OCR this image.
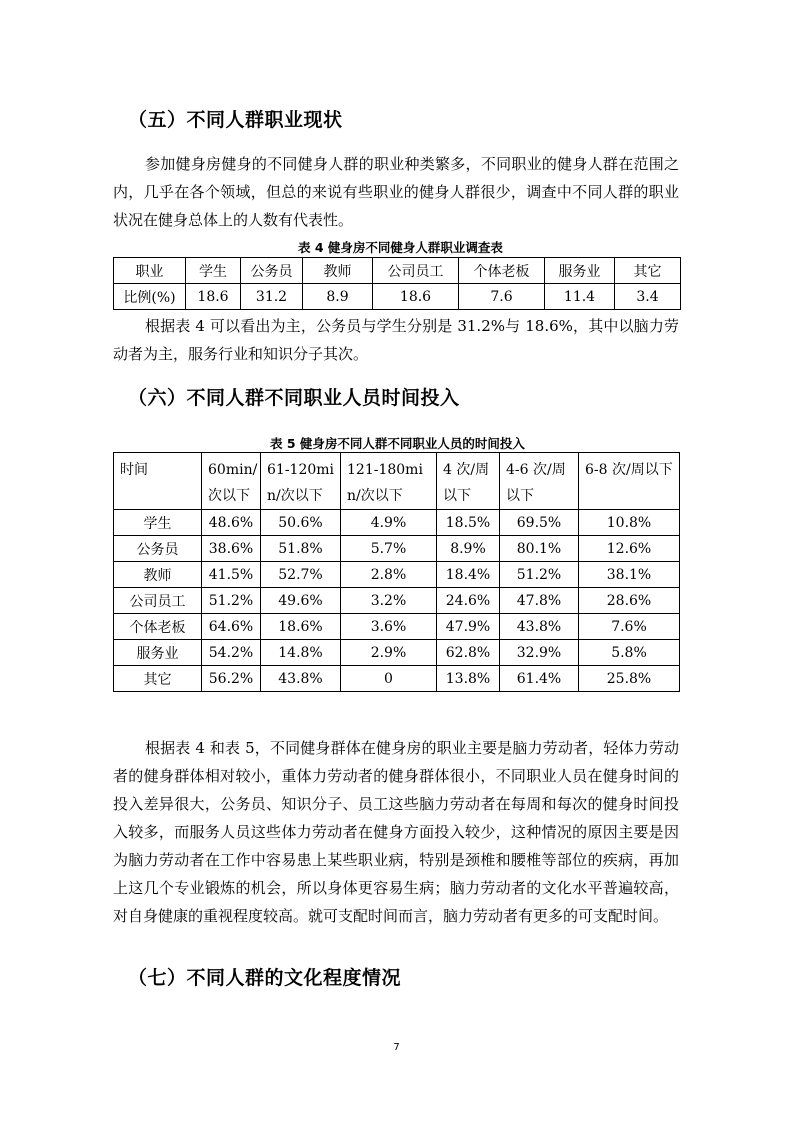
（五）不同人群职业现状

参加健身房健身的不同健身人群的职业种类繁多，不同职业的健身人群在范围之内，几乎在各个领域，但总的来说有些职业的健身人群很少，调查中不同人群的职业状况在健身总体上的人数有代表性。

表 4 健身房不同健身人群职业调查表
职业	学生	公务员	教师	公司员工	个体老板	服务业	其它
比例(%)	18.6	31.2	8.9	18.6	7.6	11.4	3.4

根据表 4 可以看出为主，公务员与学生分别是 31.2%与 18.6%，其中以脑力劳动者为主，服务行业和知识分子其次。

（六）不同人群不同职业人员时间投入
表 5 健身房不同人群不同职业人员的时间投入
时间	60min/次以下	61-120min/次以下	121-180min/次以下	4 次/周以下	4-6 次/周以下	6-8 次/周以下
学生	48.6%	50.6%	4.9%	18.5%	69.5%	10.8%
公务员	38.6%	51.8%	5.7%	8.9%	80.1%	12.6%
教师	41.5%	52.7%	2.8%	18.4%	51.2%	38.1%
公司员工	51.2%	49.6%	3.2%	24.6%	47.8%	28.6%
个体老板	64.6%	18.6%	3.6%	47.9%	43.8%	7.6%
服务业	54.2%	14.8%	2.9%	62.8%	32.9%	5.8%
其它	56.2%	43.8%	0	13.8%	61.4%	25.8%

根据表 4 和表 5，不同健身群体在健身房的职业主要是脑力劳动者，轻体力劳动者的健身群体相对较小，重体力劳动者的健身群体很小，不同职业人员在健身时间的投入差异很大，公务员、知识分子、员工这些脑力劳动者在每周和每次的健身时间投入较多，而服务人员这些体力劳动者在健身方面投入较少，这种情况的原因主要是因为脑力劳动者在工作中容易患上某些职业病，特别是颈椎和腰椎等部位的疾病，再加上这几个专业锻炼的机会，所以身体更容易生病；脑力劳动者的文化水平普遍较高，对自身健康的重视程度较高。就可支配时间而言，脑力劳动者有更多的可支配时间。

（七）不同人群的文化程度情况
7
